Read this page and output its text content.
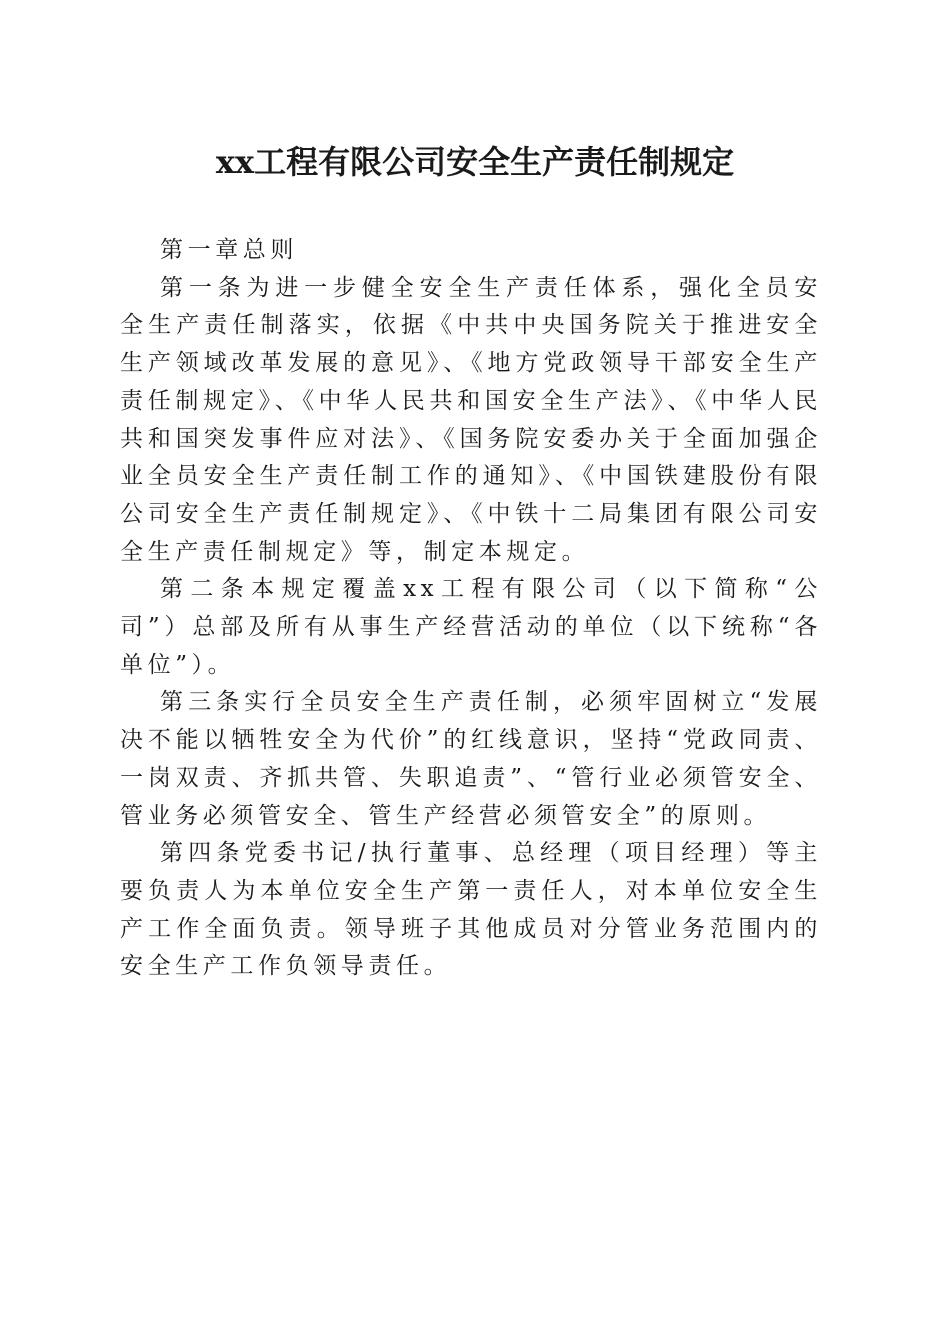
xx工程有限公司安全生产责任制规定

第一章总则

第一条为进一步健全安全生产责任体系，强化全员安全生产责任制落实，依据《中共中央国务院关于推进安全生产领域改革发展的意见》、《地方党政领导干部安全生产责任制规定》、《中华人民共和国安全生产法》、《中华人民共和国突发事件应对法》、《国务院安委办关于全面加强企业全员安全生产责任制工作的通知》、《中国铁建股份有限公司安全生产责任制规定》、《中铁十二局集团有限公司安全生产责任制规定》等，制定本规定。

第二条本规定覆盖xx工程有限公司（以下简称“公司”）总部及所有从事生产经营活动的单位（以下统称“各单位”）。

第三条实行全员安全生产责任制，必须牢固树立“发展决不能以牺牲安全为代价”的红线意识，坚持“党政同责、一岗双责、齐抓共管、失职追责”、“管行业必须管安全、管业务必须管安全、管生产经营必须管安全”的原则。

第四条党委书记/执行董事、总经理（项目经理）等主要负责人为本单位安全生产第一责任人，对本单位安全生产工作全面负责。领导班子其他成员对分管业务范围内的安全生产工作负领导责任。
